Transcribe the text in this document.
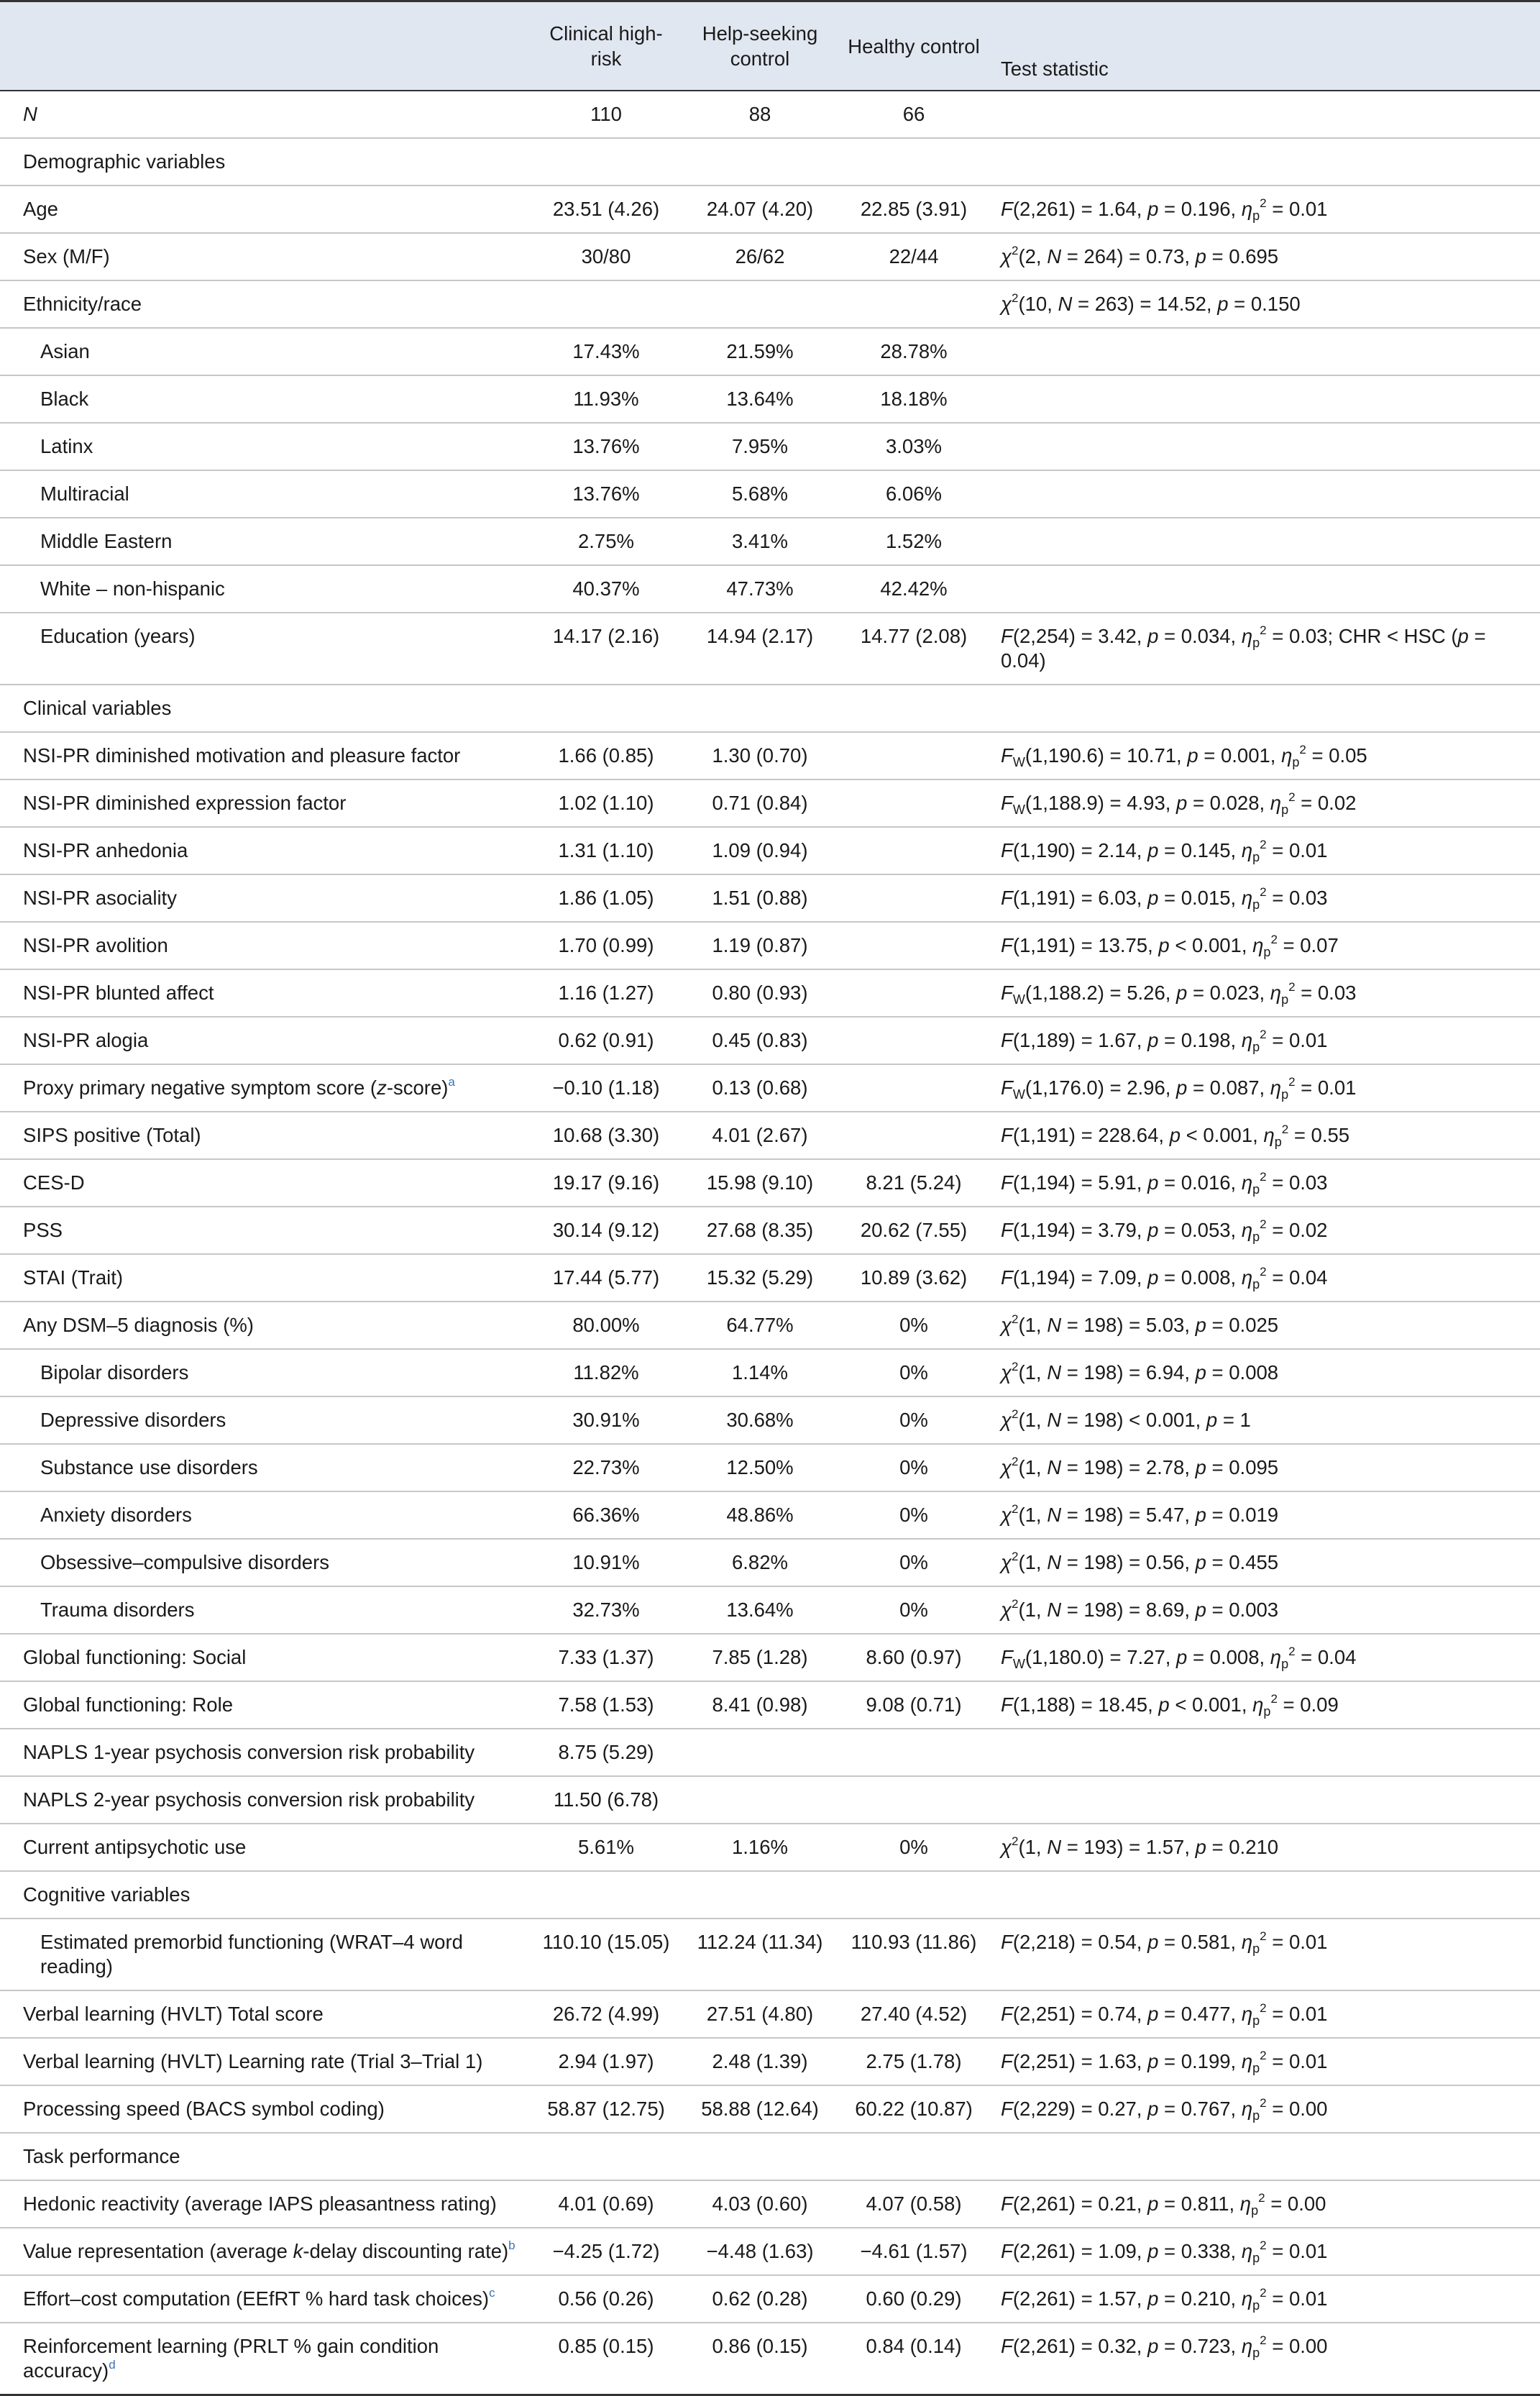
	Clinical high-risk	Help-seeking control	Healthy control	Test statistic
N	110	88	66	
Demographic variables				
Age	23.51 (4.26)	24.07 (4.20)	22.85 (3.91)	F(2,261) = 1.64, p = 0.196, $\eta_p^2 = 0.01$
Sex (M/F)	30/80	26/62	22/44	$\chi^2(2$, N = 264) = 0.73, p = 0.695
Ethnicity/race				$\chi^2(10$, N = 263) = 14.52, p = 0.150
Asian	17.43%	21.59%	28.78%	
Black	11.93%	13.64%	18.18%	
Latinx	13.76%	7.95%	3.03%	
Multiracial	13.76%	5.68%	6.06%	
Middle Eastern	2.75%	3.41%	1.52%	
White – non-hispanic	40.37%	47.73%	42.42%	
Education (years)	14.17 (2.16)	14.94 (2.17)	14.77 (2.08)	F(2,254) = 3.42, p = 0.034, $\eta_p^2 = 0.03$; CHR < HSC (p = 0.04)
Clinical variables				
NSI-PR diminished motivation and pleasure factor	1.66 (0.85)	1.30 (0.70)		$F_W(1,190.6) = 10.71$, p = 0.001, $\eta_p^2 = 0.05$
NSI-PR diminished expression factor	1.02 (1.10)	0.71 (0.84)		$F_W(1,188.9) = 4.93$, p = 0.028, $\eta_p^2 = 0.02$
NSI-PR anhedonia	1.31 (1.10)	1.09 (0.94)		F(1,190) = 2.14, p = 0.145, $\eta_p^2 = 0.01$
NSI-PR asociality	1.86 (1.05)	1.51 (0.88)		F(1,191) = 6.03, p = 0.015, $\eta_p^2 = 0.03$
NSI-PR avolition	1.70 (0.99)	1.19 (0.87)		F(1,191) = 13.75, p < 0.001, $\eta_p^2 = 0.07$
NSI-PR blunted affect	1.16 (1.27)	0.80 (0.93)		$F_W(1,188.2) = 5.26$, p = 0.023, $\eta_p^2 = 0.03$
NSI-PR alogia	0.62 (0.91)	0.45 (0.83)		F(1,189) = 1.67, p = 0.198, $\eta_p^2 = 0.01$
Proxy primary negative symptom score (z-score)$^a$	−0.10 (1.18)	0.13 (0.68)		$F_W(1,176.0) = 2.96$, p = 0.087, $\eta_p^2 = 0.01$
SIPS positive (Total)	10.68 (3.30)	4.01 (2.67)		F(1,191) = 228.64, p < 0.001, $\eta_p^2 = 0.55$
CES-D	19.17 (9.16)	15.98 (9.10)	8.21 (5.24)	F(1,194) = 5.91, p = 0.016, $\eta_p^2 = 0.03$
PSS	30.14 (9.12)	27.68 (8.35)	20.62 (7.55)	F(1,194) = 3.79, p = 0.053, $\eta_p^2 = 0.02$
STAI (Trait)	17.44 (5.77)	15.32 (5.29)	10.89 (3.62)	F(1,194) = 7.09, p = 0.008, $\eta_p^2 = 0.04$
Any DSM–5 diagnosis (%)	80.00%	64.77%	0%	$\chi^2(1$, N = 198) = 5.03, p = 0.025
Bipolar disorders	11.82%	1.14%	0%	$\chi^2(1$, N = 198) = 6.94, p = 0.008
Depressive disorders	30.91%	30.68%	0%	$\chi^2(1$, N = 198) < 0.001, p = 1
Substance use disorders	22.73%	12.50%	0%	$\chi^2(1$, N = 198) = 2.78, p = 0.095
Anxiety disorders	66.36%	48.86%	0%	$\chi^2(1$, N = 198) = 5.47, p = 0.019
Obsessive–compulsive disorders	10.91%	6.82%	0%	$\chi^2(1$, N = 198) = 0.56, p = 0.455
Trauma disorders	32.73%	13.64%	0%	$\chi^2(1$, N = 198) = 8.69, p = 0.003
Global functioning: Social	7.33 (1.37)	7.85 (1.28)	8.60 (0.97)	$F_W(1,180.0) = 7.27$, p = 0.008, $\eta_p^2 = 0.04$
Global functioning: Role	7.58 (1.53)	8.41 (0.98)	9.08 (0.71)	F(1,188) = 18.45, p < 0.001, $\eta_p^2 = 0.09$
NAPLS 1-year psychosis conversion risk probability	8.75 (5.29)			
NAPLS 2-year psychosis conversion risk probability	11.50 (6.78)			
Current antipsychotic use	5.61%	1.16%	0%	$\chi^2(1$, N = 193) = 1.57, p = 0.210
Cognitive variables				
Estimated premorbid functioning (WRAT–4 word reading)	110.10 (15.05)	112.24 (11.34)	110.93 (11.86)	F(2,218) = 0.54, p = 0.581, $\eta_p^2 = 0.01$
Verbal learning (HVLT) Total score	26.72 (4.99)	27.51 (4.80)	27.40 (4.52)	F(2,251) = 0.74, p = 0.477, $\eta_p^2 = 0.01$
Verbal learning (HVLT) Learning rate (Trial 3–Trial 1)	2.94 (1.97)	2.48 (1.39)	2.75 (1.78)	F(2,251) = 1.63, p = 0.199, $\eta_p^2 = 0.01$
Processing speed (BACS symbol coding)	58.87 (12.75)	58.88 (12.64)	60.22 (10.87)	F(2,229) = 0.27, p = 0.767, $\eta_p^2 = 0.00$
Task performance				
Hedonic reactivity (average IAPS pleasantness rating)	4.01 (0.69)	4.03 (0.60)	4.07 (0.58)	F(2,261) = 0.21, p = 0.811, $\eta_p^2 = 0.00$
Value representation (average k-delay discounting rate)$^b$	−4.25 (1.72)	−4.48 (1.63)	−4.61 (1.57)	F(2,261) = 1.09, p = 0.338, $\eta_p^2 = 0.01$
Effort–cost computation (EEfRT % hard task choices)$^c$	0.56 (0.26)	0.62 (0.28)	0.60 (0.29)	F(2,261) = 1.57, p = 0.210, $\eta_p^2 = 0.01$
Reinforcement learning (PRLT % gain condition accuracy)$^d$	0.85 (0.15)	0.86 (0.15)	0.84 (0.14)	F(2,261) = 0.32, p = 0.723, $\eta_p^2 = 0.00$
